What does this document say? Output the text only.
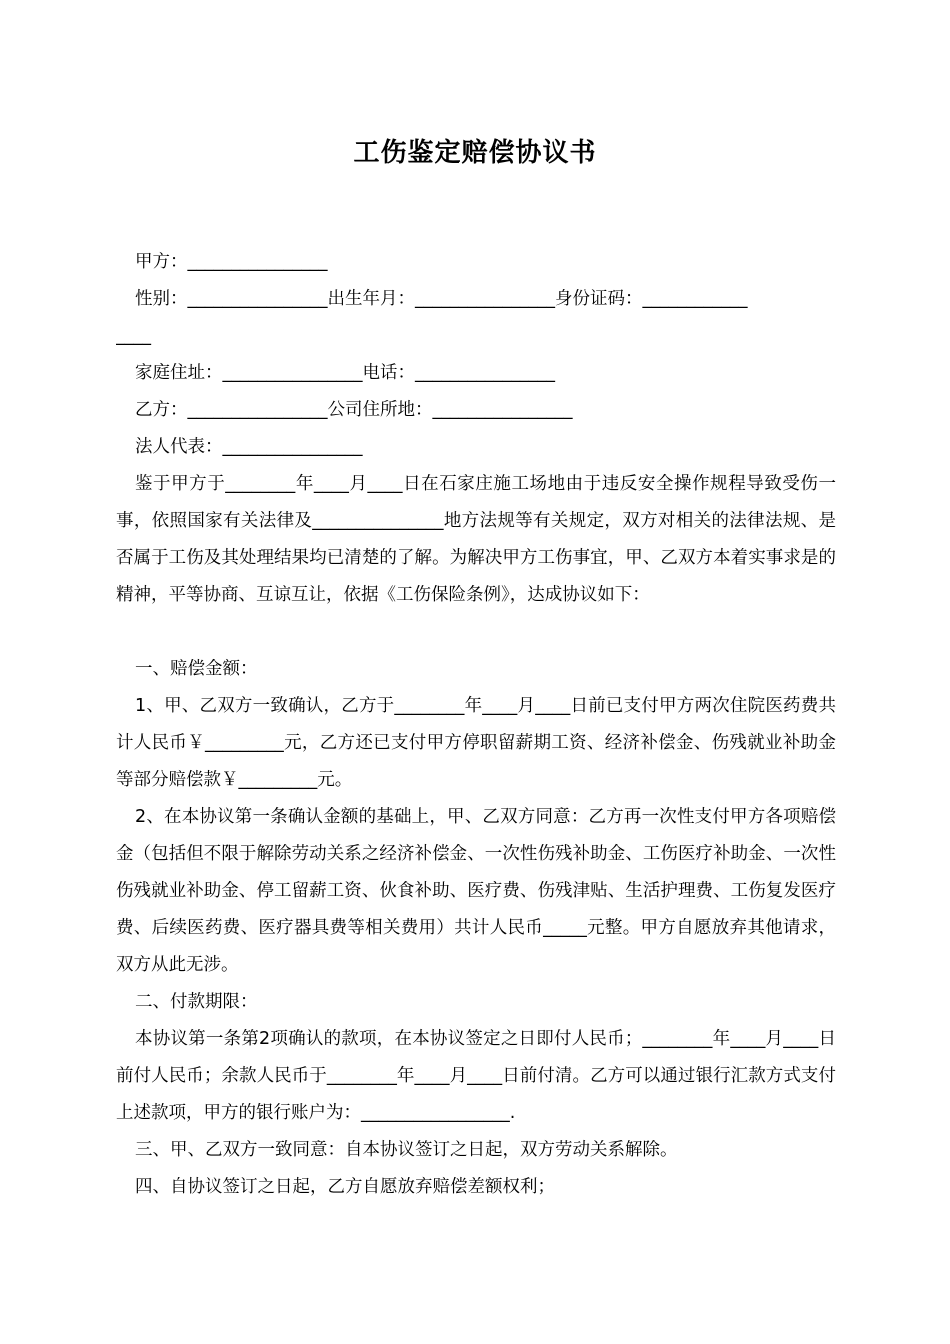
工伤鉴定赔偿协议书

甲方：________________

性别：________________出生年月：________________身份证码：____________

____

家庭住址：________________电话：________________

乙方：________________公司住所地：________________

法人代表：________________

鉴于甲方于________年____月____日在石家庄施工场地由于违反安全操作规程导致受伤一事，依照国家有关法律及_______________地方法规等有关规定，双方对相关的法律法规、是否属于工伤及其处理结果均已清楚的了解。为解决甲方工伤事宜，甲、乙双方本着实事求是的精神，平等协商、互谅互让，依据《工伤保险条例》，达成协议如下：

一、赔偿金额：

1、甲、乙双方一致确认，乙方于________年____月____日前已支付甲方两次住院医药费共计人民币￥_________元，乙方还已支付甲方停职留薪期工资、经济补偿金、伤残就业补助金等部分赔偿款￥_________元。

2、在本协议第一条确认金额的基础上，甲、乙双方同意：乙方再一次性支付甲方各项赔偿金（包括但不限于解除劳动关系之经济补偿金、一次性伤残补助金、工伤医疗补助金、一次性伤残就业补助金、停工留薪工资、伙食补助、医疗费、伤残津贴、生活护理费、工伤复发医疗费、后续医药费、医疗器具费等相关费用）共计人民币_____元整。甲方自愿放弃其他请求，双方从此无涉。

二、付款期限：

本协议第一条第2项确认的款项，在本协议签定之日即付人民币；________年____月____日前付人民币；余款人民币于________年____月____日前付清。乙方可以通过银行汇款方式支付上述款项，甲方的银行账户为：_________________.

三、甲、乙双方一致同意：自本协议签订之日起，双方劳动关系解除。

四、自协议签订之日起，乙方自愿放弃赔偿差额权利；
